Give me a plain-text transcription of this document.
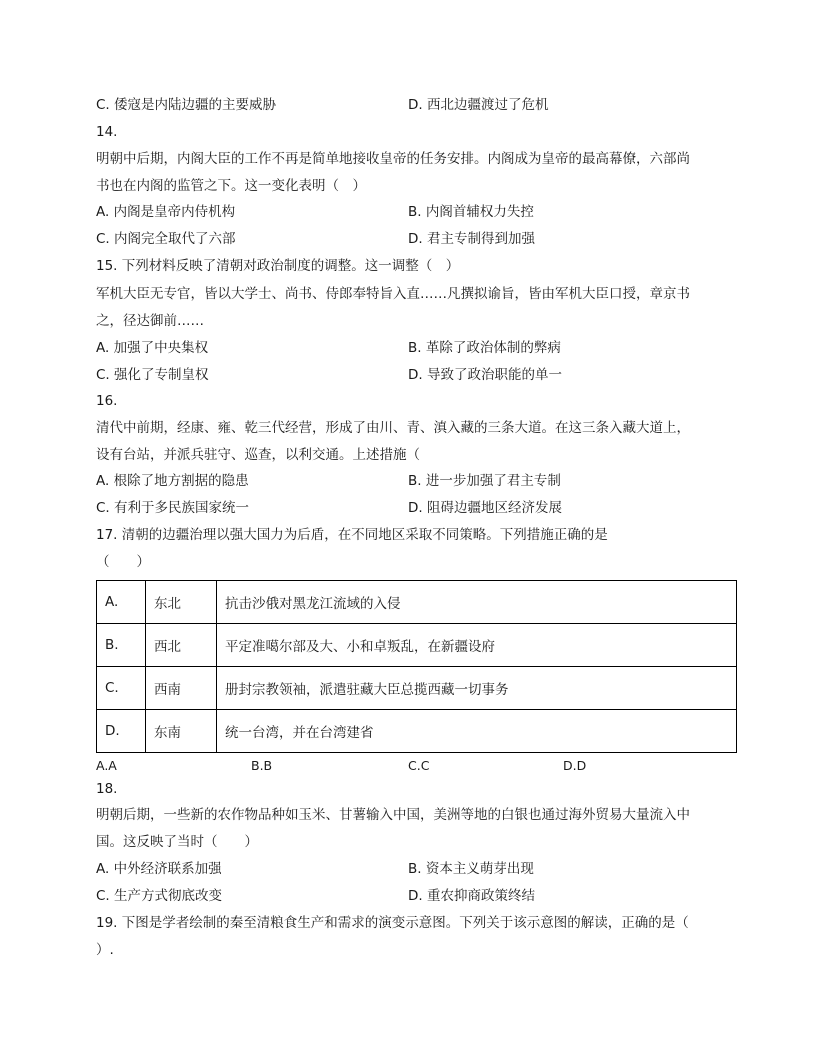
C. 倭寇是内陆边疆的主要威胁	D. 西北边疆渡过了危机
14.
明朝中后期，内阁大臣的工作不再是简单地接收皇帝的任务安排。内阁成为皇帝的最高幕僚，六部尚
书也在内阁的监管之下。这一变化表明（　）
A. 内阁是皇帝内侍机构	B. 内阁首辅权力失控
C. 内阁完全取代了六部	D. 君主专制得到加强
15. 下列材料反映了清朝对政治制度的调整。这一调整（　）
军机大臣无专官，皆以大学士、尚书、侍郎奉特旨入直……凡撰拟谕旨，皆由军机大臣口授，章京书
之，径达御前……
A. 加强了中央集权	B. 革除了政治体制的弊病
C. 强化了专制皇权	D. 导致了政治职能的单一
16.
清代中前期，经康、雍、乾三代经营，形成了由川、青、滇入藏的三条大道。在这三条入藏大道上，
设有台站，并派兵驻守、巡查，以利交通。上述措施（
A. 根除了地方割据的隐患	B. 进一步加强了君主专制
C. 有利于多民族国家统一	D. 阻碍边疆地区经济发展
17. 清朝的边疆治理以强大国力为后盾，在不同地区采取不同策略。下列措施正确的是
（　　）
A.	东北	抗击沙俄对黑龙江流域的入侵
B.	西北	平定准噶尔部及大、小和卓叛乱，在新疆设府
C.	西南	册封宗教领袖，派遣驻藏大臣总揽西藏一切事务
D.	东南	统一台湾，并在台湾建省
A.A	B.B	C.C	D.D
18.
明朝后期，一些新的农作物品种如玉米、甘薯输入中国，美洲等地的白银也通过海外贸易大量流入中
国。这反映了当时（　　）
A. 中外经济联系加强	B. 资本主义萌芽出现
C. 生产方式彻底改变	D. 重农抑商政策终结
19. 下图是学者绘制的秦至清粮食生产和需求的演变示意图。下列关于该示意图的解读，正确的是（
）.
